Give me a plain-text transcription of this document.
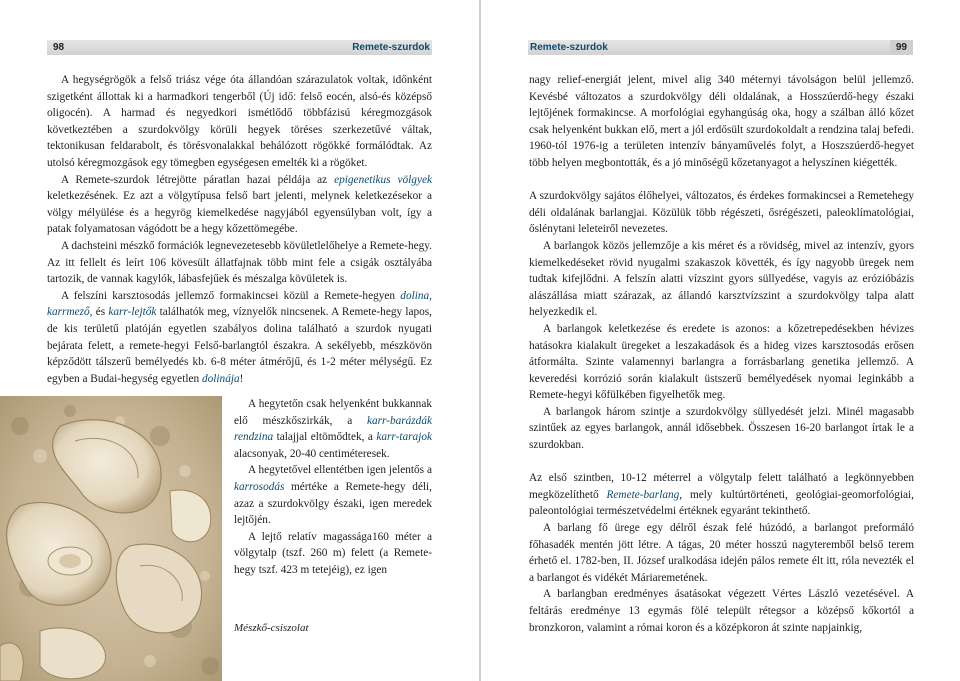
98	Remete-szurdok

A hegységrögök a felső triász vége óta állandóan szárazulatok voltak, időnként szigetként állottak ki a harmadkori tengerből (Új időː felső eocén, alsó-és középső oligocén). A harmad és negyedkori ismétlődő többfázisú kéregmozgások következtében a szurdokvölgy körüli hegyek töréses szerkezetűvé váltak, tektonikusan feldarabolt, és törésvonalakkal behálózott rögökké formálódtak. Az utolsó kéregmozgások egy tömegben egységesen emelték ki a rögöket.

A Remete-szurdok létrejötte páratlan hazai példája az epigenetikus völgyek keletkezésének. Ez azt a völgytípusa felső bart jelenti, melynek keletkezésekor a völgy mélyülése és a hegyrög kiemelkedése nagyjából egyensúlyban volt, így a patak folyamatosan vágódott be a hegy kőzettömegébe.

A dachsteini mészkő formációk legnevezetesebb kövületlelőhelye a Remete-hegy. Az itt fellelt és leírt 106 kövesült állatfajnak több mint fele a csigák osztályába tartozik, de vannak kagylók, lábasfejűek és mészalga kövületek is.

A felszíni karsztosodás jellemző formakincsei közül a Remete-hegyen dolina, karrmező, és karr-lejtők találhatók meg, víznyelők nincsenek. A Remete-hegy lapos, de kis területű platóján egyetlen szabályos dolina található a szurdok nyugati bejárata felett, a remete-hegyi Felső-barlangtól északra. A sekélyebb, mészkövön képződött tálszerű bemélyedés kb. 6-8 méter átmérőjű, és 1-2 méter mélységű. Ez egyben a Budai-hegység egyetlen dolinája!

A hegytetőn csak helyenként bukkannak elő mészkőszirkák, a karr-barázdák rendzina talajjal eltömődtek, a karr-tarajok alacsonyak, 20-40 centiméteresek.

A hegytetővel ellentétben igen jelentős a karrosodás mértéke a Remete-hegy déli, azaz a szurdokvölgy északi, igen meredek lejtőjén.

A lejtő relatív magassága160 méter a völgytalp (tszf. 260 m) felett (a Remete-hegy tszf. 423 m tetejéig), ez igen

Mészkő-csiszolat
Remete-szurdok	99

nagy relief-energiát jelent, mivel alig 340 méternyi távolságon belül jellemző. Kevésbé változatos a szurdokvölgy déli oldalának, a Hosszúerdő-hegy északi lejtőjének formakincse. A morfológiai egyhangúság oka, hogy a szálban álló kőzet csak helyenként bukkan elő, mert a jól erdősült szurdokoldalt a rendzina talaj befedi. 1960-tól 1976-ig a területen intenzív bányaművelés folyt, a Hoszszúerdő-hegyet több helyen megbontották, és a jó minőségű kőzetanyagot a helyszínen kiégették.

A szurdokvölgy sajátos élőhelyei, változatos, és érdekes formakincsei a Remetehegy déli oldalának barlangjai. Közülük több régészeti, ősrégészeti, paleoklímatológiai, őslénytani leleteiről nevezetes.

A barlangok közös jellemzője a kis méret és a rövidség, mivel az intenzív, gyors kiemelkedéseket rövid nyugalmi szakaszok követték, és így nagyobb üregek nem tudtak kifejlődni. A felszín alatti vízszint gyors süllyedése, vagyis az erózióbázis alászállása miatt szárazak, az állandó karsztvízszint a szurdokvölgy talpa alatt helyezkedik el.

A barlangok keletkezése és eredete is azonos: a kőzetrepedésekben hévizes hatásokra kialakult üregeket a leszakadások és a hideg vizes karsztosodás erősen átformálta. Szinte valamennyi barlangra a forrásbarlang genetika jellemző. A keveredési korrózió során kialakult üstszerű bemélyedések nyomai leginkább a Remete-hegyi kőfülkében figyelhetők meg.

A barlangok három szintje a szurdokvölgy süllyedését jelzi. Minél magasabb szintűek az egyes barlangok, annál idősebbek. Összesen 16-20 barlangot írtak le a szurdokban.

Az első szintben, 10-12 méterrel a völgytalp felett található a legkönnyebben megközelíthető Remete-barlang, mely kultúrtörténeti, geológiai-geomorfológiai, paleontológiai természetvédelmi értéknek egyaránt tekinthető.

A barlang fő ürege egy délről észak felé húzódó, a barlangot preformáló főhasadék mentén jött létre. A tágas, 20 méter hosszú nagyteremből belső terem érhető el. 1782-ben, II. József uralkodása idején pálos remete élt itt, róla nevezték el a barlangot és vidékét Máriaremetének.

A barlangban eredményes ásatásokat végezett Vértes László vezetésével. A feltárás eredménye 13 egymás fölé települt rétegsor a középső kőkortól a bronzkoron, valamint a római koron és a középkoron át szinte napjainkig,
